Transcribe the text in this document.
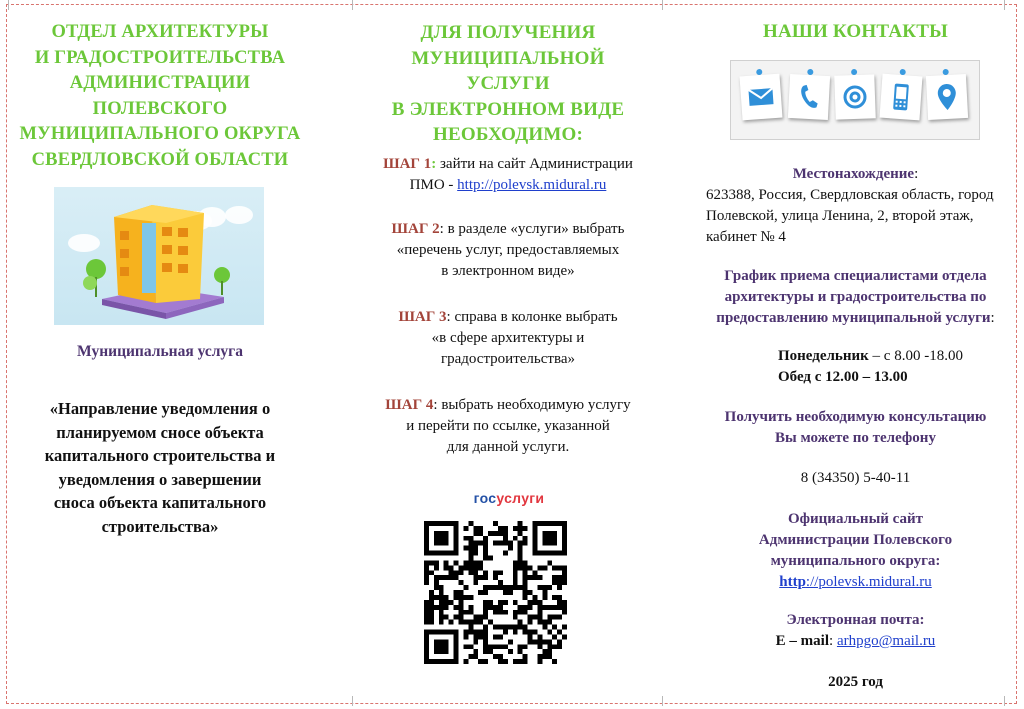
ОТДЕЛ АРХИТЕКТУРЫ

И ГРАДОСТРОИТЕЛЬСТВА

АДМИНИСТРАЦИИ

ПОЛЕВСКОГО

МУНИЦИПАЛЬНОГО ОКРУГА

СВЕРДЛОВСКОЙ ОБЛАСТИ

Муниципальная услуга
«Направление уведомления о
планируемом сносе объекта
капитального строительства и
уведомления о завершении
сноса объекта капитального
строительства»

ДЛЯ ПОЛУЧЕНИЯ

МУНИЦИПАЛЬНОЙ

УСЛУГИ

В ЭЛЕКТРОННОМ ВИДЕ

НЕОБХОДИМО:

ШАГ 1: зайти на сайт Администрации
ПМО - http://polevsk.midural.ru
ШАГ 2: в разделе «услуги» выбрать
«перечень услуг, предоставляемых
в электронном виде»
ШАГ 3: справа в колонке выбрать
«в сфере архитектуры и
градостроительства»
ШАГ 4: выбрать необходимую услугу
и перейти по ссылке, указанной
для данной услуги.
госуслуги

НАШИ КОНТАКТЫ

Местонахождение:
623388, Россия, Свердловская область, город
Полевской, улица Ленина, 2, второй этаж,
кабинет № 4
График приема специалистами отдела
архитектуры и градостроительства по
предоставлению муниципальной услуги:
Понедельник – с 8.00 -18.00
Обед с 12.00 – 13.00
Получить необходимую консультацию
Вы можете по телефону
8 (34350) 5-40-11
Официальный сайт
Администрации Полевского
муниципального округа:
http://polevsk.midural.ru
Электронная почта:
E – mail: arhpgo@mail.ru
2025 год
